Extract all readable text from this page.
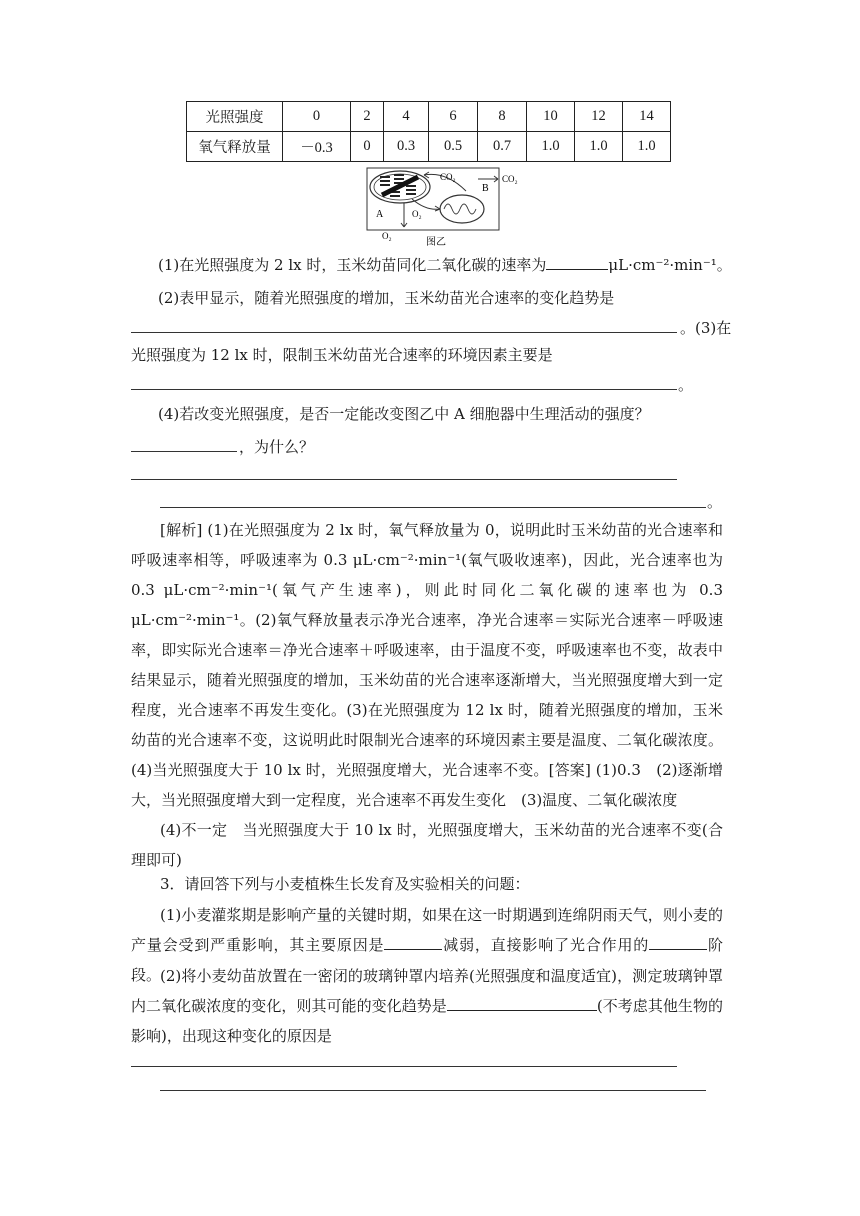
光照强度	0	2	4	6	8	10	12	14
氧气释放量	－0.3	0	0.3	0.5	0.7	1.0	1.0	1.0
CO₂	CO₂
B
A	O₂
O₂
图乙
(1)在光照强度为 2 lx 时，玉米幼苗同化二氧化碳的速率为	μL·cm⁻²·min⁻¹。
(2)表甲显示，随着光照强度的增加，玉米幼苗光合速率的变化趋势是
。(3)在
光照强度为 12 lx 时，限制玉米幼苗光合速率的环境因素主要是
。
(4)若改变光照强度，是否一定能改变图乙中 A 细胞器中生理活动的强度？
，为什么？
。
[解析] (1)在光照强度为 2 lx 时，氧气释放量为 0，说明此时玉米幼苗的光合速率和呼吸速率相等，呼吸速率为 0.3 μL·cm⁻²·min⁻¹(氧气吸收速率)，因此，光合速率也为 0.3 μL·cm⁻²·min⁻¹(氧气产生速率)，则此时同化二氧化碳的速率也为 0.3 μL·cm⁻²·min⁻¹。(2)氧气释放量表示净光合速率，净光合速率＝实际光合速率－呼吸速率，即实际光合速率＝净光合速率＋呼吸速率，由于温度不变，呼吸速率也不变，故表中结果显示，随着光照强度的增加，玉米幼苗的光合速率逐渐增大，当光照强度增大到一定程度，光合速率不再发生变化。(3)在光照强度为 12 lx 时，随着光照强度的增加，玉米幼苗的光合速率不变，这说明此时限制光合速率的环境因素主要是温度、二氧化碳浓度。(4)当光照强度大于 10 lx 时，光照强度增大，光合速率不变。[答案] (1)0.3　(2)逐渐增大，当光照强度增大到一定程度，光合速率不再发生变化　(3)温度、二氧化碳浓度
(4)不一定　当光照强度大于 10 lx 时，光照强度增大，玉米幼苗的光合速率不变(合理即可)
3．请回答下列与小麦植株生长发育及实验相关的问题：
(1)小麦灌浆期是影响产量的关键时期，如果在这一时期遇到连绵阴雨天气，则小麦的产量会受到严重影响，其主要原因是	减弱，直接影响了光合作用的	阶段。
(2)将小麦幼苗放置在一密闭的玻璃钟罩内培养(光照强度和温度适宜)，测定玻璃钟罩内二氧化碳浓度的变化，则其可能的变化趋势是	(不考虑其他生物的影响)，出现这种变化的原因是
